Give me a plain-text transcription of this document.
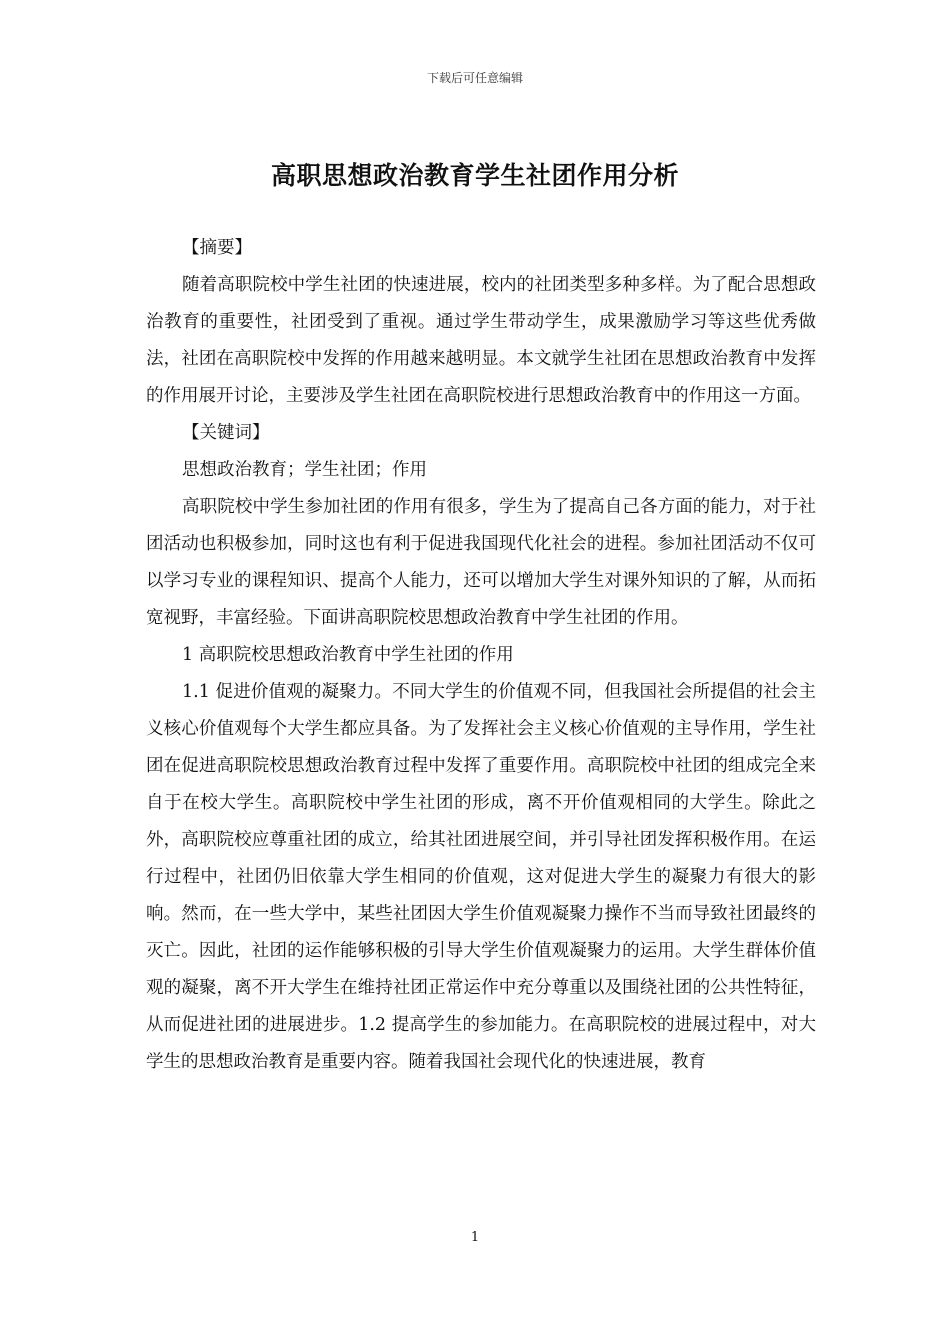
下载后可任意编辑
高职思想政治教育学生社团作用分析

【摘要】

随着高职院校中学生社团的快速进展，校内的社团类型多种多样。为了配合思想政治教育的重要性，社团受到了重视。通过学生带动学生，成果激励学习等这些优秀做法，社团在高职院校中发挥的作用越来越明显。本文就学生社团在思想政治教育中发挥的作用展开讨论，主要涉及学生社团在高职院校进行思想政治教育中的作用这一方面。

【关键词】

思想政治教育；学生社团；作用

高职院校中学生参加社团的作用有很多，学生为了提高自己各方面的能力，对于社团活动也积极参加，同时这也有利于促进我国现代化社会的进程。参加社团活动不仅可以学习专业的课程知识、提高个人能力，还可以增加大学生对课外知识的了解，从而拓宽视野，丰富经验。下面讲高职院校思想政治教育中学生社团的作用。

1 高职院校思想政治教育中学生社团的作用

1.1 促进价值观的凝聚力。不同大学生的价值观不同，但我国社会所提倡的社会主义核心价值观每个大学生都应具备。为了发挥社会主义核心价值观的主导作用，学生社团在促进高职院校思想政治教育过程中发挥了重要作用。高职院校中社团的组成完全来自于在校大学生。高职院校中学生社团的形成，离不开价值观相同的大学生。除此之外，高职院校应尊重社团的成立，给其社团进展空间，并引导社团发挥积极作用。在运行过程中，社团仍旧依靠大学生相同的价值观，这对促进大学生的凝聚力有很大的影响。然而，在一些大学中，某些社团因大学生价值观凝聚力操作不当而导致社团最终的灭亡。因此，社团的运作能够积极的引导大学生价值观凝聚力的运用。大学生群体价值观的凝聚，离不开大学生在维持社团正常运作中充分尊重以及围绕社团的公共性特征，从而促进社团的进展进步。1.2 提高学生的参加能力。在高职院校的进展过程中，对大学生的思想政治教育是重要内容。随着我国社会现代化的快速进展，教育

1
